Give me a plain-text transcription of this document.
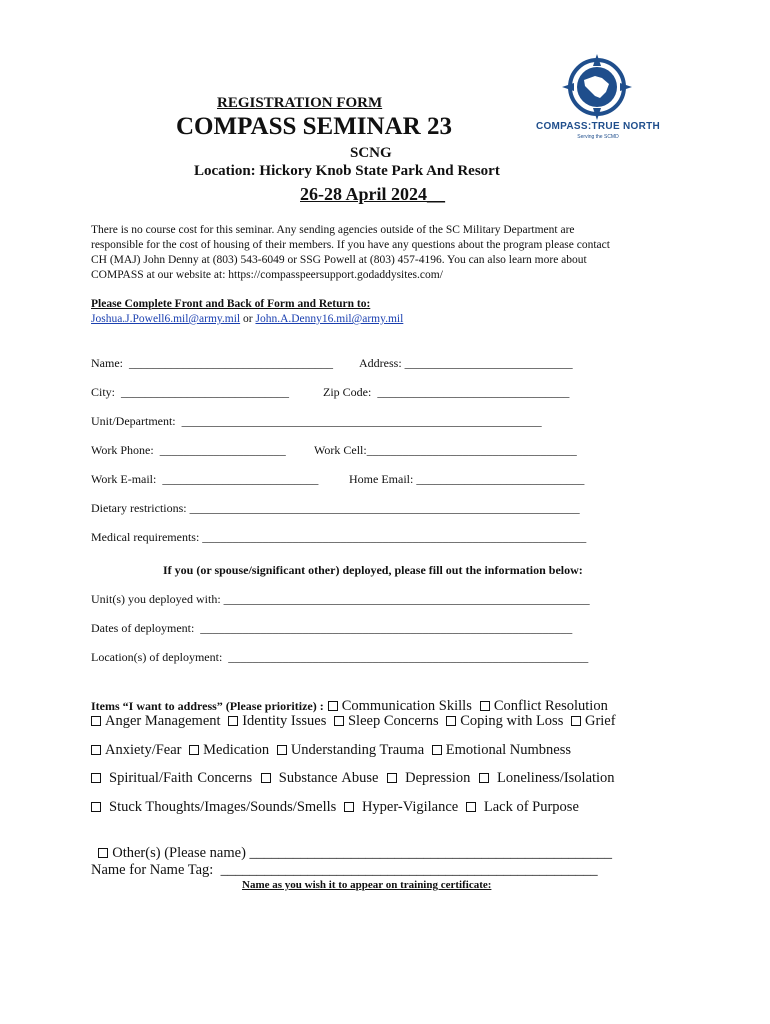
COMPASS:TRUE NORTH
Serving the SCMD
REGISTRATION FORM
COMPASS SEMINAR 23
SCNG
Location: Hickory Knob State Park And Resort
26-28 April 2024__
There is no course cost for this seminar. Any sending agencies outside of the SC Military Department are
responsible for the cost of housing of their members. If you have any questions about the program please contact
CH (MAJ) John Denny at (803) 543-6049 or SSG Powell at (803) 457-4196. You can also learn more about
COMPASS at our website at: https://compasspeersupport.godaddysites.com/
Please Complete Front and Back of Form and Return to:
Joshua.J.Powell6.mil@army.mil or John.A.Denny16.mil@army.mil
Name:  __________________________________ Address: ____________________________
City:  ____________________________	Zip Code:  ________________________________
Unit/Department:  ____________________________________________________________
Work Phone:  _____________________ Work Cell:___________________________________
Work E-mail:  __________________________	Home Email: ____________________________
Dietary restrictions: _________________________________________________________________
Medical requirements: ________________________________________________________________
If you (or spouse/significant other) deployed, please fill out the information below:
Unit(s) you deployed with: _____________________________________________________________
Dates of deployment:  ______________________________________________________________
Location(s) of deployment:  ____________________________________________________________
Items “I want to address” (Please prioritize) : Communication Skills Conflict Resolution
Anger Management Identity Issues Sleep Concerns Coping with Loss Grief
Anxiety/Fear Medication Understanding Trauma Emotional Numbness
Spiritual/Faith Concerns Substance Abuse Depression Loneliness/Isolation
Stuck Thoughts/Images/Sounds/Smells Hyper-Vigilance Lack of Purpose

Other(s) (Please name) __________________________________________________

Name for Name Tag:  ____________________________________________________
Name as you wish it to appear on training certificate:
